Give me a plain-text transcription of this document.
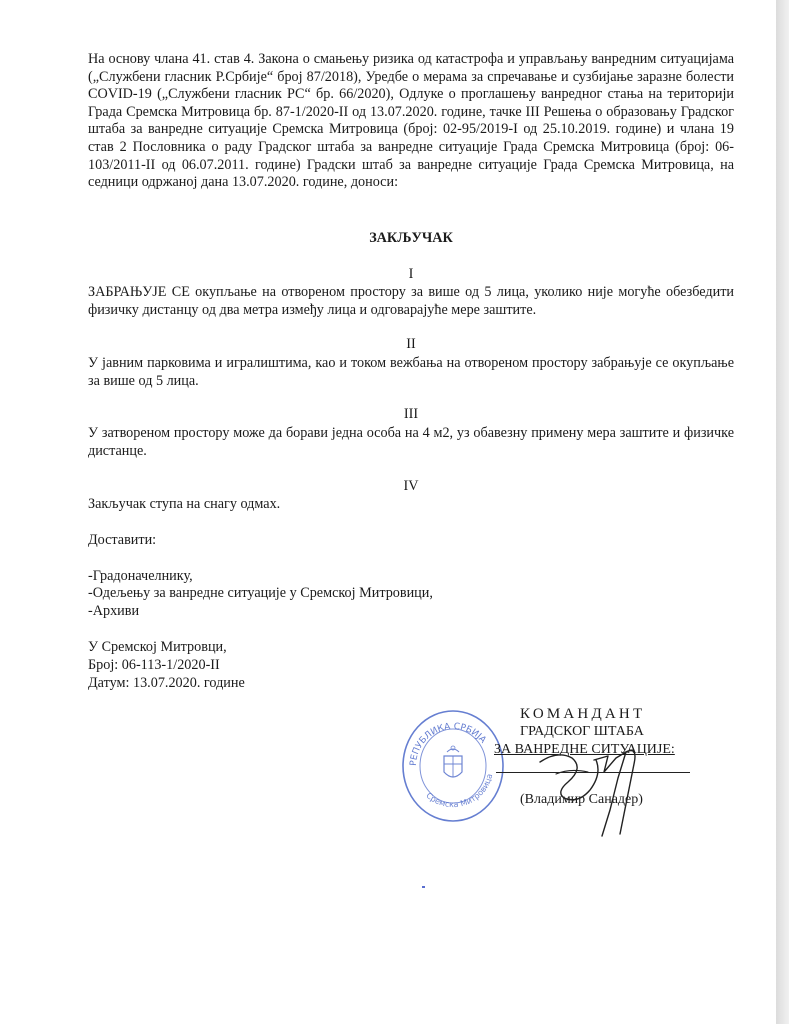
На основу члана 41. став 4. Закона о смањењу ризика од катастрофа и управљању ванредним ситуацијама („Службени гласник Р.Србије“ број 87/2018), Уредбе о мерама за спречавање и сузбијање заразне болести COVID-19 („Службени гласник РС“ бр. 66/2020), Одлуке о проглашењу ванредног стања на територији Града Сремска Митровица бр. 87-1/2020-II од 13.07.2020. године, тачке III Решења о образовању Градског штаба за ванредне ситуације Сремска Митровица (број: 02-95/2019-I од 25.10.2019. године) и члана 19 став 2 Пословника о раду Градског штаба за ванредне ситуације Града Сремска Митровица (број: 06-103/2011-II од 06.07.2011. године) Градски штаб за ванредне ситуације Града Сремска Митровица, на седници одржаној дана 13.07.2020. године, доноси:
ЗАКЉУЧАК
I
ЗАБРАЊУЈЕ СЕ окупљање на отвореном простору за више од 5 лица, уколико није могуће обезбедити физичку дистанцу од два метра између лица и одговарајуће мере заштите.
II
У јавним парковима и игралиштима, као и током вежбања на отвореном простору забрањује се окупљање за више од 5 лица.
III
У затвореном простору може да борави једна особа на 4 м2, уз обавезну примену мера заштите и физичке дистанце.
IV
Закључак ступа на снагу одмах.
Доставити:
-Градоначелнику,
-Одељењу за ванредне ситуације у Сремској Митровици,
-Архиви
У Сремској Митровци,
Број: 06-113-1/2020-II
Датум: 13.07.2020. године
РЕПУБЛИКА СРБИЈА
Сремска Митровица
КОМАНДАНТ
ГРАДСКОГ ШТАБА
ЗА ВАНРЕДНЕ СИТУАЦИЈЕ:
(Владимир Санадер)
